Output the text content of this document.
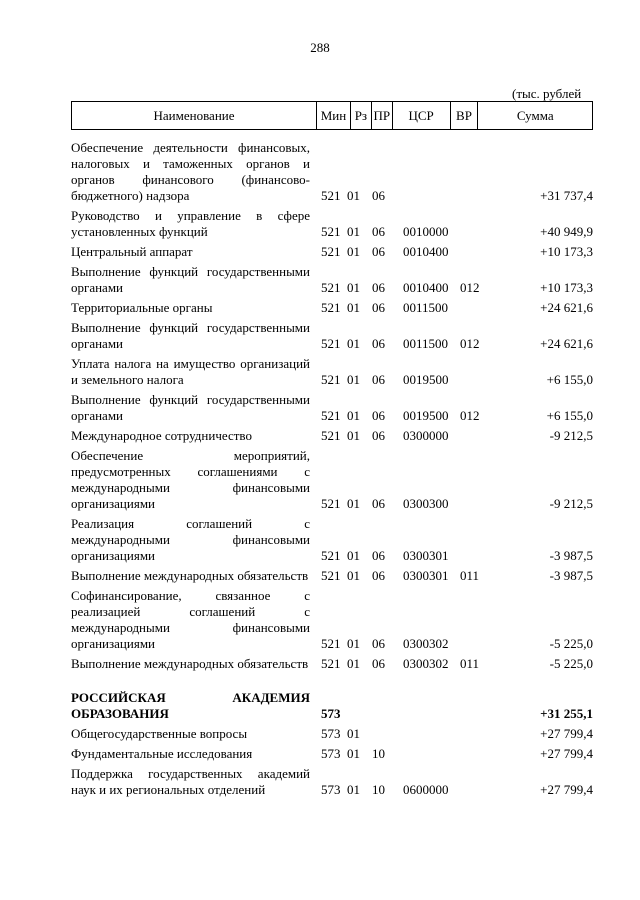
288
(тыс. рублей
Наименование	Мин Рз ПР	ЦСР	ВР	Сумма
Обеспечение деятельности финансовых, налоговых и таможенных органов и органов финансового (финансово-бюджетного) надзора	521 01 06	+31 737,4
Руководство и управление в сфере установленных функций	521 01 06 0010000	+40 949,9
Центральный аппарат	521 01 06 0010400	+10 173,3
Выполнение функций государственными органами	521 01 06 0010400 012	+10 173,3
Территориальные органы	521 01 06 0011500	+24 621,6
Выполнение функций государственными органами	521 01 06 0011500 012	+24 621,6
Уплата налога на имущество организаций и земельного налога	521 01 06 0019500	+6 155,0
Выполнение функций государственными органами	521 01 06 0019500 012	+6 155,0
Международное сотрудничество	521 01 06 0300000	-9 212,5
Обеспечение мероприятий, предусмотренных соглашениями с международными финансовыми организациями	521 01 06 0300300	-9 212,5
Реализация соглашений с международными финансовыми организациями	521 01 06 0300301	-3 987,5
Выполнение международных обязательств 521 01 06 0300301 011	-3 987,5
Софинансирование, связанное с реализацией соглашений с международными финансовыми организациями	521 01 06 0300302	-5 225,0
Выполнение международных обязательств 521 01 06 0300302 011	-5 225,0
РОССИЙСКАЯ АКАДЕМИЯ ОБРАЗОВАНИЯ	573	+31 255,1
Общегосударственные вопросы	573 01	+27 799,4
Фундаментальные исследования	573 01 10	+27 799,4
Поддержка государственных академий наук и их региональных отделений	573 01 10 0600000	+27 799,4
